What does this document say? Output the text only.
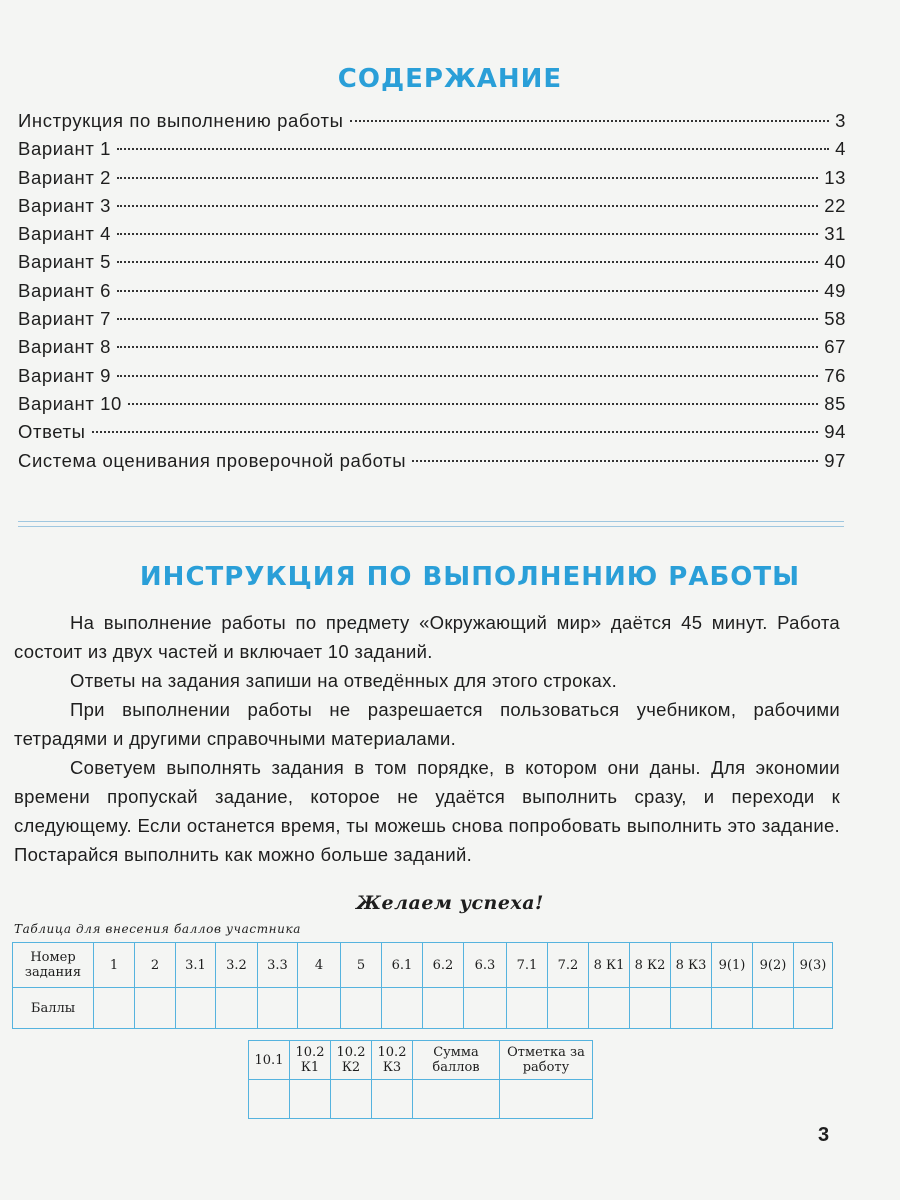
СОДЕРЖАНИЕ
Инструкция по выполнению работы	3
Вариант 1	4
Вариант 2	13
Вариант 3	22
Вариант 4	31
Вариант 5	40
Вариант 6	49
Вариант 7	58
Вариант 8	67
Вариант 9	76
Вариант 10	85
Ответы	94
Система оценивания проверочной работы	97
ИНСТРУКЦИЯ ПО ВЫПОЛНЕНИЮ РАБОТЫ

На выполнение работы по предмету «Окружающий мир» даётся 45 минут. Работа состоит из двух частей и включает 10 заданий.

Ответы на задания запиши на отведённых для этого строках.

При выполнении работы не разрешается пользоваться учебником, рабочими тетрадями и другими справочными материалами.

Советуем выполнять задания в том порядке, в котором они даны. Для экономии времени пропускай задание, которое не удаётся выполнить сразу, и переходи к следующему. Если останется время, ты можешь снова попробовать выполнить это задание. Постарайся выполнить как можно больше заданий.

Желаем успеха!
Таблица для внесения баллов участника
Номер задания	1	2	3.1	3.2	3.3	4	5	6.1	6.2	6.3	7.1	7.2	8 К1	8 К2	8 К3	9(1)	9(2)	9(3)
Баллы																		
10.1	10.2 К1	10.2 К2	10.2 К3	Сумма баллов	Отметка за работу

3
